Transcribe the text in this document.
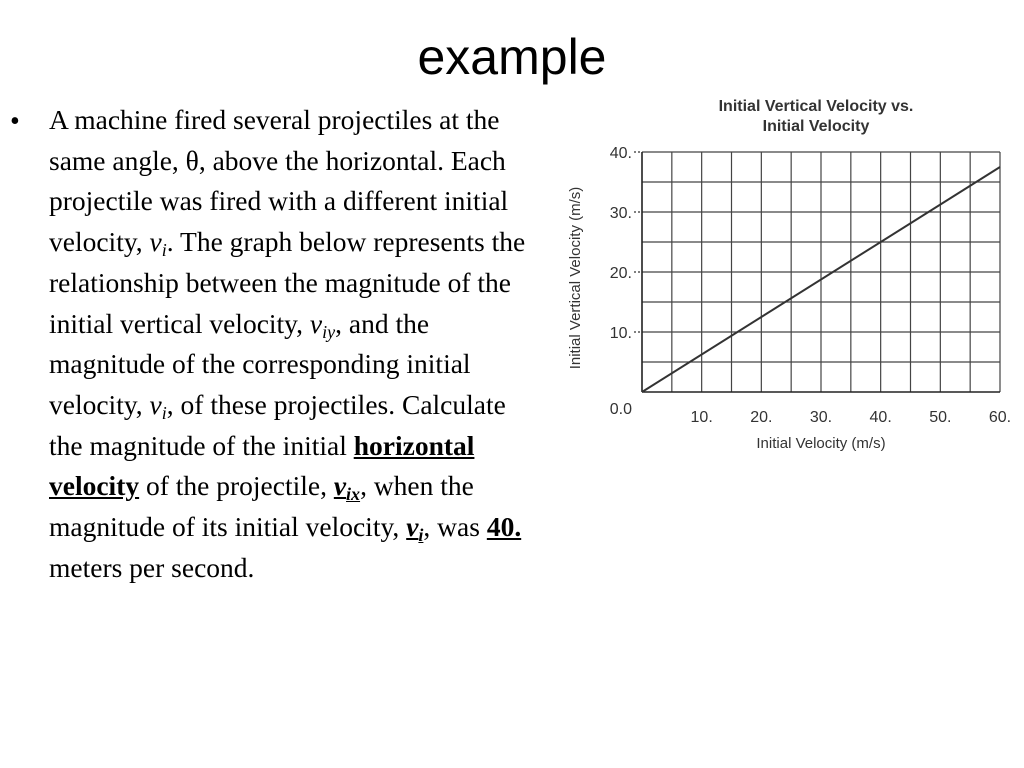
example
• A machine fired several projectiles at the same angle, θ, above the horizontal. Each projectile was fired with a different initial velocity, $v_i$. The graph below represents the relationship between the magnitude of the initial vertical velocity, $v_{iy}$, and the magnitude of the corresponding initial velocity, $v_i$, of these projectiles. Calculate the magnitude of the initial horizontal velocity of the projectile, $v_{ix}$, when the magnitude of its initial velocity, $v_i$, was 40. meters per second.
10.
20.
30.
40.
0.0	10. 20. 30. 40. 50. 60.
Initial Vertical Velocity vs.
Initial Velocity
Initial Velocity (m/s)
Initial Vertical Velocity (m/s)
